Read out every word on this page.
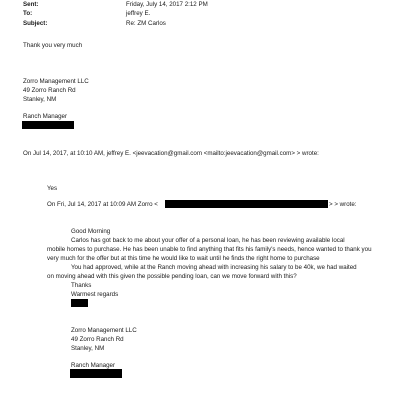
Sent:	Friday, July 14, 2017 2:12 PM
To:	jeffrey E.
Subject:	Re: ZM Carlos
Thank you very much
Zorro Management LLC
49 Zorro Ranch Rd
Stanley, NM
Ranch Manager
On Jul 14, 2017, at 10:10 AM, jeffrey E. <jeevacation@gmail.com <mailto:jeevacation@gmail.com> > wrote:
Yes
On Fri, Jul 14, 2017 at 10:09 AM Zorro <	> > wrote:
Good Morning
Carlos has got back to me about your offer of a personal loan, he has been reviewing available local
mobile homes to purchase. He has been unable to find anything that fits his family's needs, hence wanted to thank you
very much for the offer but at this time he would like to wait until he finds the right home to purchase
You had approved, while at the Ranch moving ahead with increasing his salary to be 40k, we had waited
on moving ahead with this given the possible pending loan, can we move forward with this?
Thanks
Warmest regards
Zorro Management LLC
49 Zorro Ranch Rd
Stanley, NM
Ranch Manager
